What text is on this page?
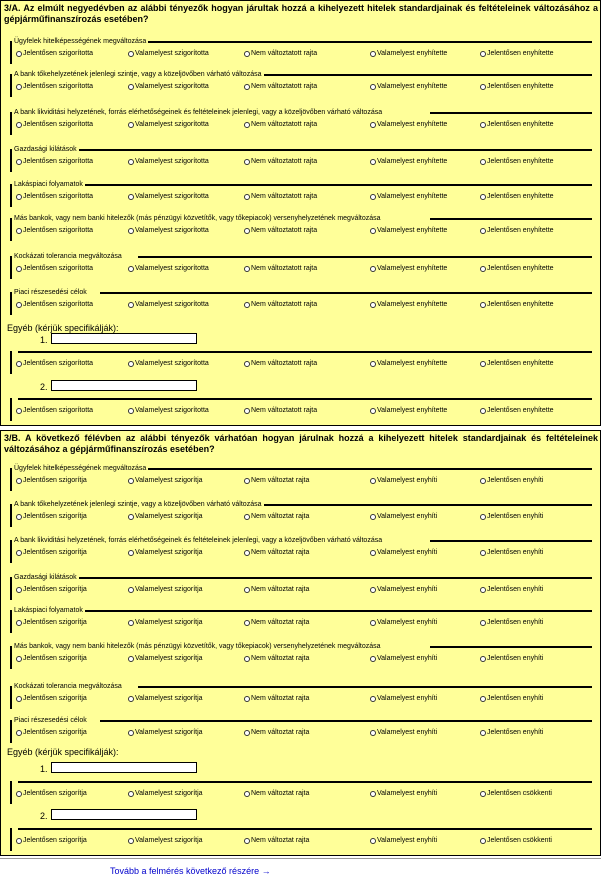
3/A. Az elmúlt negyedévben az alábbi tényezők hogyan járultak hozzá a kihelyezett hitelek standardjainak és feltételeinek változásához a gépjárműfinanszírozás esetében?
Ügyfelek hitelképességének megváltozása
Jelentősen szigorította	Valamelyest szigorította	Nem változtatott rajta	Valamelyest enyhítette	Jelentősen enyhítette
A bank tőkehelyzetének jelenlegi szintje, vagy a közeljövőben várható változása
Jelentősen szigorította	Valamelyest szigorította	Nem változtatott rajta	Valamelyest enyhítette	Jelentősen enyhítette
A bank likviditási helyzetének, forrás elérhetőségeinek és feltételeinek jelenlegi, vagy a közeljövőben várható változása
Jelentősen szigorította	Valamelyest szigorította	Nem változtatott rajta	Valamelyest enyhítette	Jelentősen enyhítette
Gazdasági kilátások
Jelentősen szigorította	Valamelyest szigorította	Nem változtatott rajta	Valamelyest enyhítette	Jelentősen enyhítette
Lakáspiaci folyamatok
Jelentősen szigorította	Valamelyest szigorította	Nem változtatott rajta	Valamelyest enyhítette	Jelentősen enyhítette
Más bankok, vagy nem banki hitelezők (más pénzügyi közvetítők, vagy tőkepiacok) versenyhelyzetének megváltozása
Jelentősen szigorította	Valamelyest szigorította	Nem változtatott rajta	Valamelyest enyhítette	Jelentősen enyhítette
Kockázati tolerancia megváltozása
Jelentősen szigorította	Valamelyest szigorította	Nem változtatott rajta	Valamelyest enyhítette	Jelentősen enyhítette
Piaci részesedési célok
Jelentősen szigorította	Valamelyest szigorította	Nem változtatott rajta	Valamelyest enyhítette	Jelentősen enyhítette
Egyéb (kérjük specifikálják):
1.
Jelentősen szigorította	Valamelyest szigorította	Nem változtatott rajta	Valamelyest enyhítette	Jelentősen enyhítette
2.
Jelentősen szigorította	Valamelyest szigorította	Nem változtatott rajta	Valamelyest enyhítette	Jelentősen enyhítette
3/B. A következő félévben az alábbi tényezők várhatóan hogyan járulnak hozzá a kihelyezett hitelek standardjainak és feltételeinek változásához a gépjárműfinanszírozás esetében?
Ügyfelek hitelképességének megváltozása
Jelentősen szigorítja	Valamelyest szigorítja	Nem változtat rajta	Valamelyest enyhíti	Jelentősen enyhíti
A bank tőkehelyzetének jelenlegi szintje, vagy a közeljövőben várható változása
Jelentősen szigorítja	Valamelyest szigorítja	Nem változtat rajta	Valamelyest enyhíti	Jelentősen enyhíti
A bank likviditási helyzetének, forrás elérhetőségeinek és feltételeinek jelenlegi, vagy a közeljövőben várható változása
Jelentősen szigorítja	Valamelyest szigorítja	Nem változtat rajta	Valamelyest enyhíti	Jelentősen enyhíti
Gazdasági kilátások
Jelentősen szigorítja	Valamelyest szigorítja	Nem változtat rajta	Valamelyest enyhíti	Jelentősen enyhíti
Lakáspiaci folyamatok
Jelentősen szigorítja	Valamelyest szigorítja	Nem változtat rajta	Valamelyest enyhíti	Jelentősen enyhíti
Más bankok, vagy nem banki hitelezők (más pénzügyi közvetítők, vagy tőkepiacok) versenyhelyzetének megváltozása
Jelentősen szigorítja	Valamelyest szigorítja	Nem változtat rajta	Valamelyest enyhíti	Jelentősen enyhíti
Kockázati tolerancia megváltozása
Jelentősen szigorítja	Valamelyest szigorítja	Nem változtat rajta	Valamelyest enyhíti	Jelentősen enyhíti
Piaci részesedési célok
Jelentősen szigorítja	Valamelyest szigorítja	Nem változtat rajta	Valamelyest enyhíti	Jelentősen enyhíti
Egyéb (kérjük specifikálják):
1.
Jelentősen szigorítja	Valamelyest szigorítja	Nem változtat rajta	Valamelyest enyhíti	Jelentősen csökkenti
2.
Jelentősen szigorítja	Valamelyest szigorítja	Nem változtat rajta	Valamelyest enyhíti	Jelentősen csökkenti
Tovább a felmérés következő részére →
